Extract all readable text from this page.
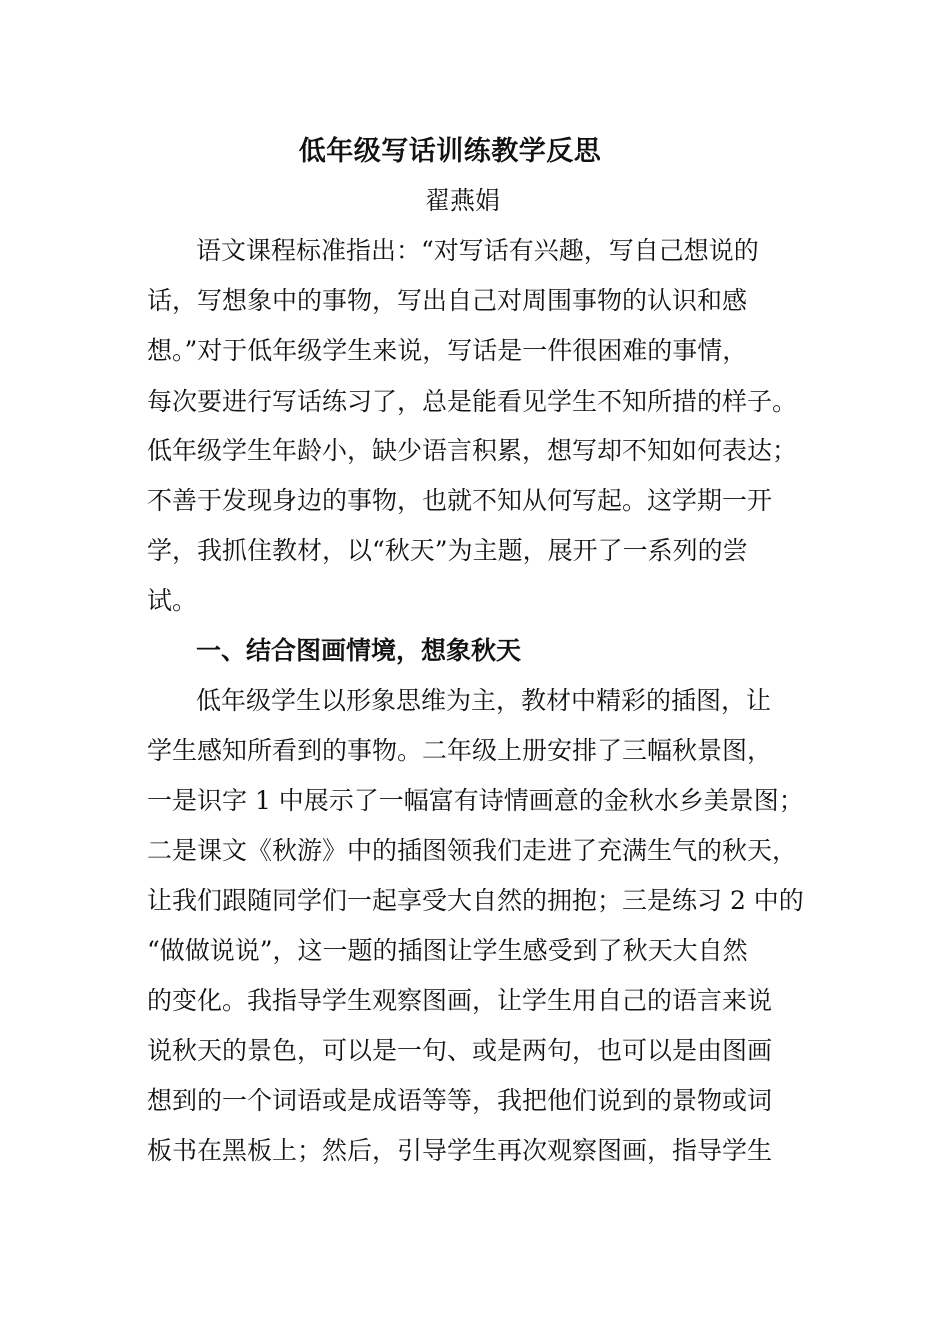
低年级写话训练教学反思
翟燕娟
语文课程标准指出：“对写话有兴趣，写自己想说的
话，写想象中的事物，写出自己对周围事物的认识和感
想。”对于低年级学生来说，写话是一件很困难的事情，
每次要进行写话练习了，总是能看见学生不知所措的样子。
低年级学生年龄小，缺少语言积累，想写却不知如何表达；
不善于发现身边的事物，也就不知从何写起。这学期一开
学，我抓住教材，以“秋天”为主题，展开了一系列的尝
试。
一、结合图画情境，想象秋天
低年级学生以形象思维为主，教材中精彩的插图，让
学生感知所看到的事物。二年级上册安排了三幅秋景图，
一是识字 1 中展示了一幅富有诗情画意的金秋水乡美景图；
二是课文《秋游》中的插图领我们走进了充满生气的秋天，
让我们跟随同学们一起享受大自然的拥抱；三是练习 2 中的
“做做说说”，这一题的插图让学生感受到了秋天大自然
的变化。我指导学生观察图画，让学生用自己的语言来说
说秋天的景色，可以是一句、或是两句，也可以是由图画
想到的一个词语或是成语等等，我把他们说到的景物或词
板书在黑板上；然后，引导学生再次观察图画，指导学生
